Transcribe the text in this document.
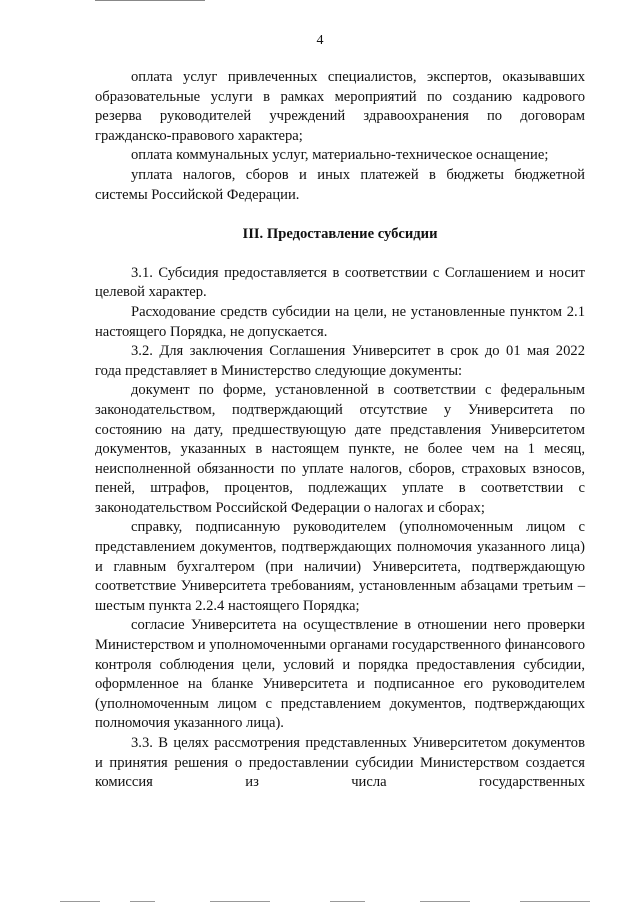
4

оплата услуг привлеченных специалистов, экспертов, оказывавших образовательные услуги в рамках мероприятий по созданию кадрового резерва руководителей учреждений здравоохранения по договорам гражданско-правового характера;

оплата коммунальных услуг, материально-техническое оснащение;

уплата налогов, сборов и иных платежей в бюджеты бюджетной системы Российской Федерации.

III. Предоставление субсидии

3.1. Субсидия предоставляется в соответствии с Соглашением и носит целевой характер.

Расходование средств субсидии на цели, не установленные пунктом 2.1 настоящего Порядка, не допускается.

3.2. Для заключения Соглашения Университет в срок до 01 мая 2022 года представляет в Министерство следующие документы:

документ по форме, установленной в соответствии с федеральным законодательством, подтверждающий отсутствие у Университета по состоянию на дату, предшествующую дате представления Университетом документов, указанных в настоящем пункте, не более чем на 1 месяц, неисполненной обязанности по уплате налогов, сборов, страховых взносов, пеней, штрафов, процентов, подлежащих уплате в соответствии с законодательством Российской Федерации о налогах и сборах;

справку, подписанную руководителем (уполномоченным лицом с представлением документов, подтверждающих полномочия указанного лица) и главным бухгалтером (при наличии) Университета, подтверждающую соответствие Университета требованиям, установленным абзацами третьим – шестым пункта 2.2.4 настоящего Порядка;

согласие Университета на осуществление в отношении него проверки Министерством и уполномоченными органами государственного финансового контроля соблюдения цели, условий и порядка предоставления субсидии, оформленное на бланке Университета и подписанное его руководителем (уполномоченным лицом с представлением документов, подтверждающих полномочия указанного лица).

3.3. В целях рассмотрения представленных Университетом документов и принятия решения о предоставлении субсидии Министерством создается комиссия из числа государственных
